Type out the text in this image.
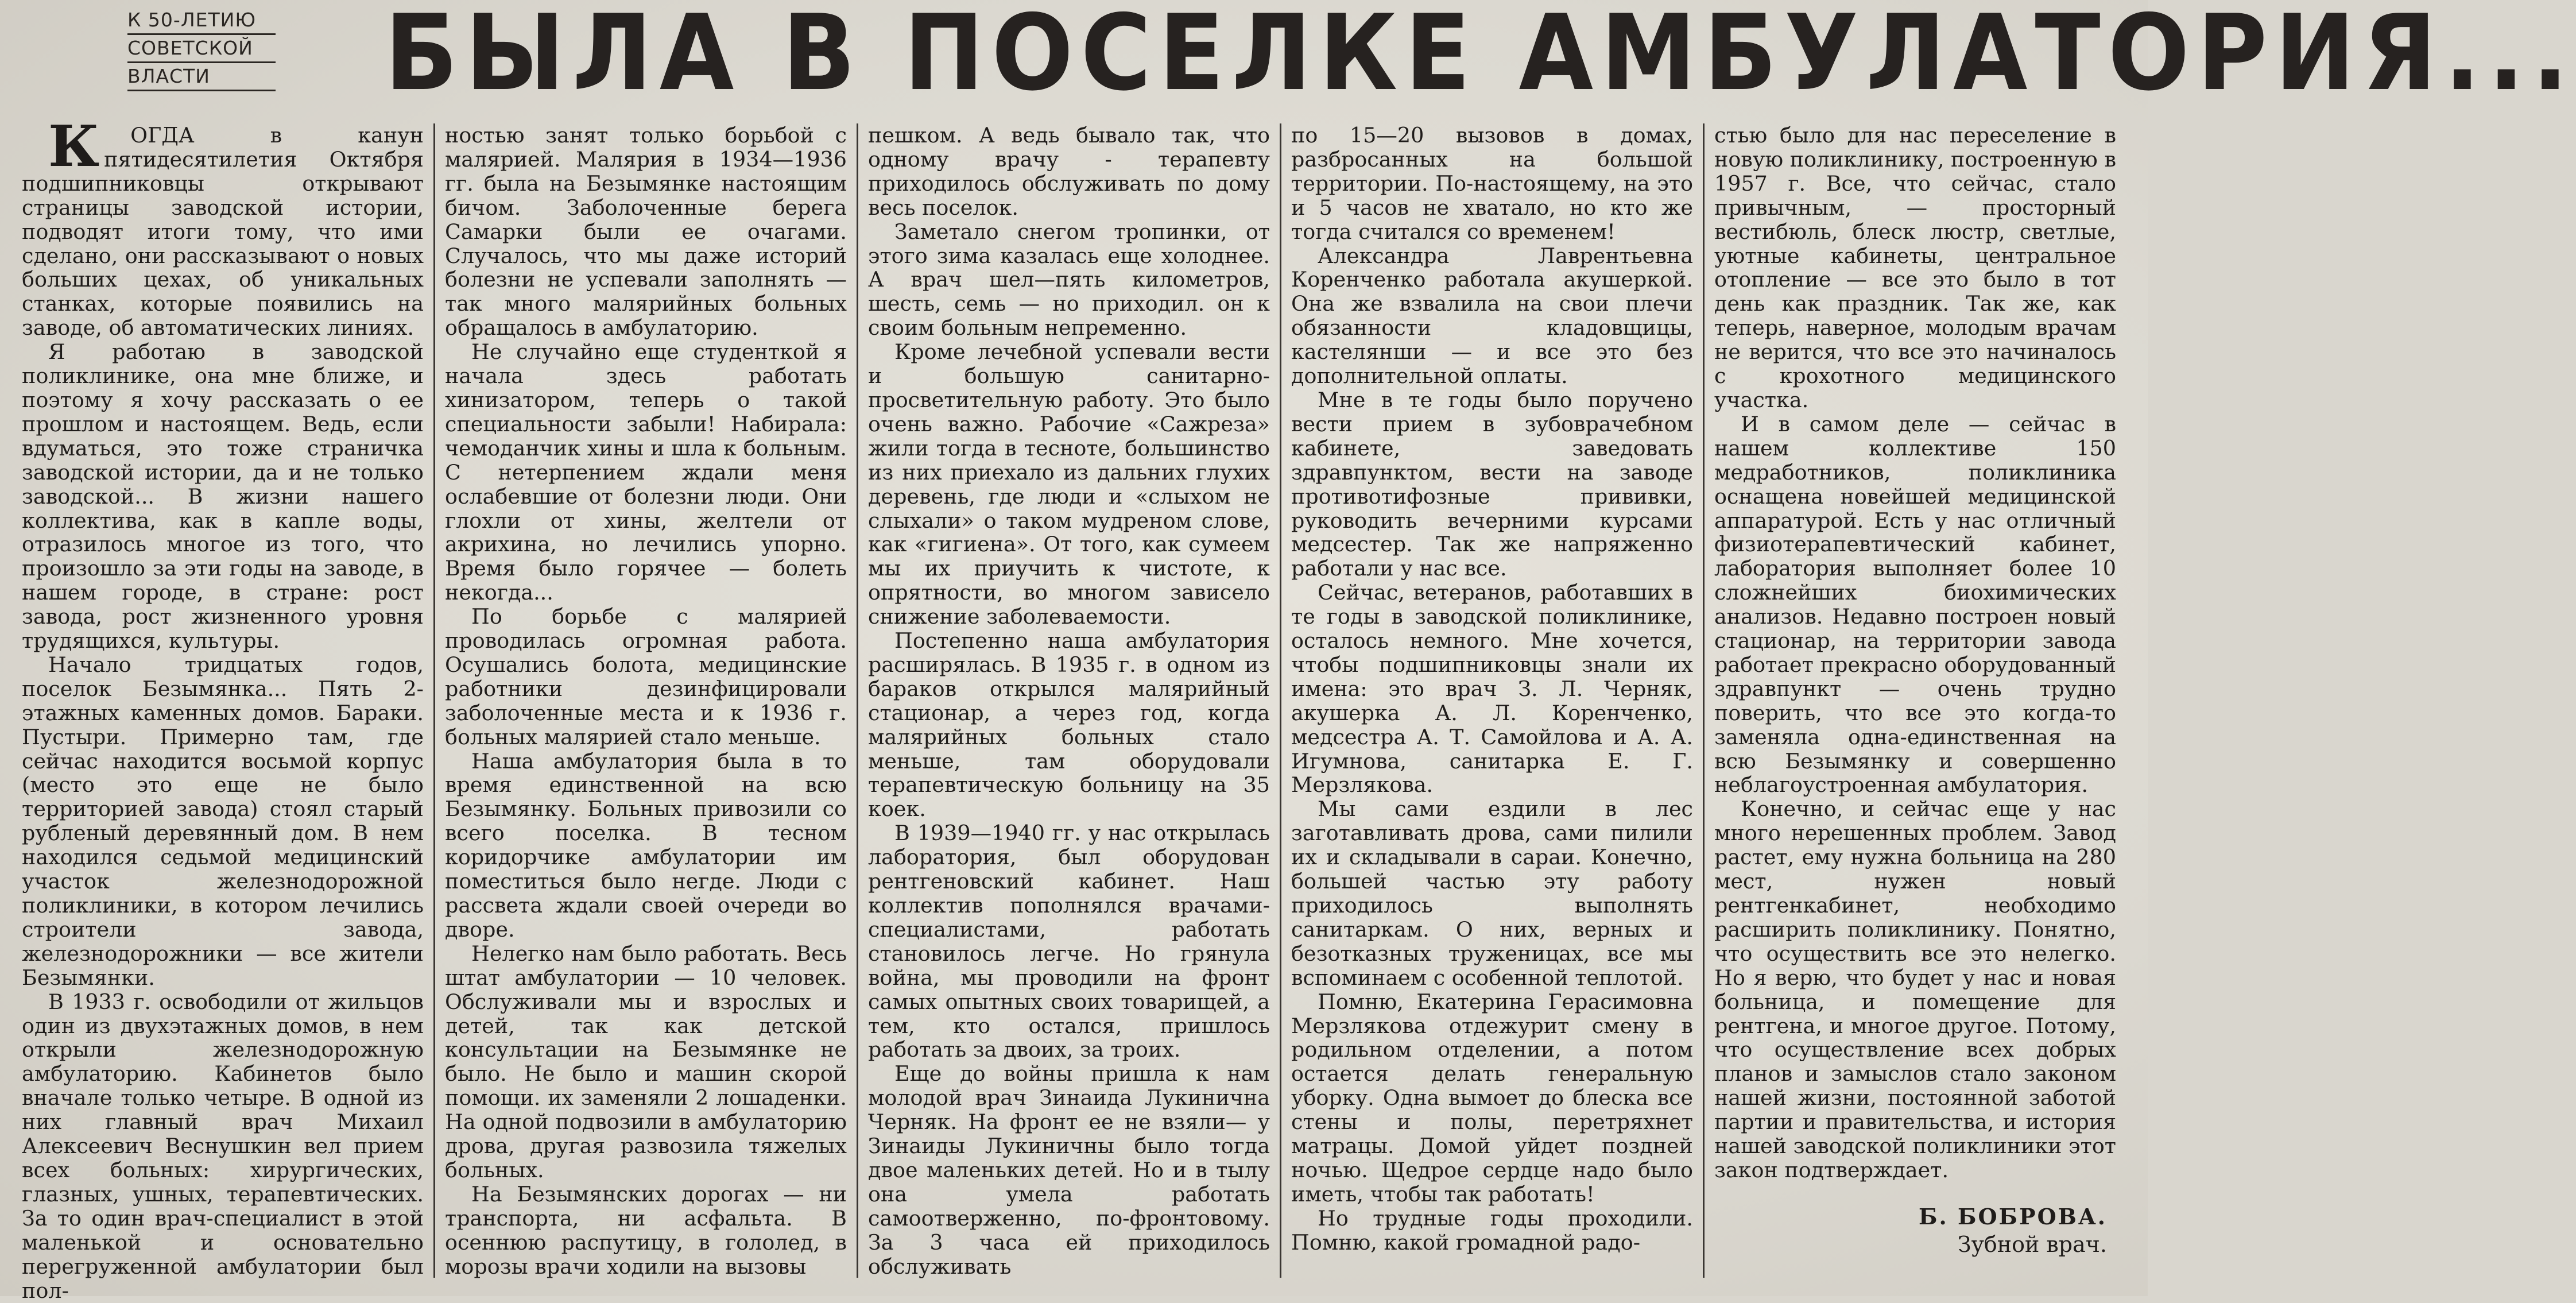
К 50-ЛЕТИЮ
СОВЕТСКОЙ
ВЛАСТИ	БЫЛА В ПОСЕЛКЕ АМБУЛАТОРИЯ...

К ОГДА в канун пятидесятилетия Октября подшипниковцы открывают страницы заводской истории, подводят итоги тому, что ими сделано, они рассказывают о новых больших цехах, об уникальных станках, которые появились на заводе, об автоматических линиях.

Я работаю в заводской поликлинике, она мне ближе, и поэтому я хочу рассказать о ее прошлом и настоящем. Ведь, если вдуматься, это тоже страничка заводской истории, да и не только заводской... В жизни нашего коллектива, как в капле воды, отразилось многое из того, что произошло за эти годы на заводе, в нашем городе, в стране: рост завода, рост жизненного уровня трудящихся, культуры.

Начало тридцатых годов, поселок Безымянка... Пять 2-этажных каменных домов. Бараки. Пустыри. Примерно там, где сейчас находится восьмой корпус (место это еще не было территорией завода) стоял старый рубленый деревянный дом. В нем находился седьмой медицинский участок железнодорожной поликлиники, в котором лечились строители завода, железнодорожники — все жители Безымянки.

В 1933 г. освободили от жильцов один из двухэтажных домов, в нем открыли железнодорожную амбулаторию. Кабинетов было вначале только четыре. В одной из них главный врач Михаил Алексеевич Веснушкин вел прием всех больных: хирургических, глазных, ушных, терапевтических. За то один врач-специалист в этой маленькой и основательно перегруженной амбулатории был пол-

ностью занят только борьбой с малярией. Малярия в 1934—1936 гг. была на Безымянке настоящим бичом. Заболоченные берега Самарки были ее очагами. Случалось, что мы даже историй болезни не успевали заполнять — так много малярийных больных обращалось в амбулаторию.

Не случайно еще студенткой я начала здесь работать хинизатором, теперь о такой специальности забыли! Набирала: чемоданчик хины и шла к больным. С нетерпением ждали меня ослабевшие от болезни люди. Они глохли от хины, желтели от акрихина, но лечились упорно. Время было горячее — болеть некогда...

По борьбе с малярией проводилась огромная работа. Осушались болота, медицинские работники дезинфицировали заболоченные места и к 1936 г. больных малярией стало меньше.

Наша амбулатория была в то время единственной на всю Безымянку. Больных привозили со всего поселка. В тесном коридорчике амбулатории им поместиться было негде. Люди с рассвета ждали своей очереди во дворе.

Нелегко нам было работать. Весь штат амбулатории — 10 человек. Обслуживали мы и взрослых и детей, так как детской консультации на Безымянке не было. Не было и машин скорой помощи. их заменяли 2 лошаденки. На одной подвозили в амбулаторию дрова, другая развозила тяжелых больных.

На Безымянских дорогах — ни транспорта, ни асфальта. В осеннюю распутицу, в гололед, в морозы врачи ходили на вызовы

пешком. А ведь бывало так, что одному врачу - терапевту приходилось обслуживать по дому весь поселок.

Заметало снегом тропинки, от этого зима казалась еще холоднее. А врач шел—пять километров, шесть, семь — но приходил. он к своим больным непременно.

Кроме лечебной успевали вести и большую санитарно-просветительную работу. Это было очень важно. Рабочие «Сажреза» жили тогда в тесноте, большинство из них приехало из дальних глухих деревень, где люди и «слыхом не слыхали» о таком мудреном слове, как «гигиена». От того, как сумеем мы их приучить к чистоте, к опрятности, во многом зависело снижение заболеваемости.

Постепенно наша амбулатория расширялась. В 1935 г. в одном из бараков открылся малярийный стационар, а через год, когда малярийных больных стало меньше, там оборудовали терапевтическую больницу на 35 коек.

В 1939—1940 гг. у нас открылась лаборатория, был оборудован рентгеновский кабинет. Наш коллектив пополнялся врачами-специалистами, работать становилось легче. Но грянула война, мы проводили на фронт самых опытных своих товарищей, а тем, кто остался, пришлось работать за двоих, за троих.

Еще до войны пришла к нам молодой врач Зинаида Лукинична Черняк. На фронт ее не взяли— у Зинаиды Лукиничны было тогда двое маленьких детей. Но и в тылу она умела работать самоотверженно, по-фронтовому. За 3 часа ей приходилось обслуживать

по 15—20 вызовов в домах, разбросанных на большой территории. По-настоящему, на это и 5 часов не хватало, но кто же тогда считался со временем!

Александра Лаврентьевна Коренченко работала акушеркой. Она же взвалила на свои плечи обязанности кладовщицы, кастелянши — и все это без дополнительной оплаты.

Мне в те годы было поручено вести прием в зубоврачебном кабинете, заведовать здравпунктом, вести на заводе противотифозные прививки, руководить вечерними курсами медсестер. Так же напряженно работали у нас все.

Сейчас, ветеранов, работавших в те годы в заводской поликлинике, осталось немного. Мне хочется, чтобы подшипниковцы знали их имена: это врач З. Л. Черняк, акушерка А. Л. Коренченко, медсестра А. Т. Самойлова и А. А. Игумнова, санитарка Е. Г. Мерзлякова.

Мы сами ездили в лес заготавливать дрова, сами пилили их и складывали в сараи. Конечно, большей частью эту работу приходилось выполнять санитаркам. О них, верных и безотказных труженицах, все мы вспоминаем с особенной теплотой.

Помню, Екатерина Герасимовна Мерзлякова отдежурит смену в родильном отделении, а потом остается делать генеральную уборку. Одна вымоет до блеска все стены и полы, перетряхнет матрацы. Домой уйдет поздней ночью. Щедрое сердце надо было иметь, чтобы так работать!

Но трудные годы проходили. Помню, какой громадной радо-

стью было для нас переселение в новую поликлинику, построенную в 1957 г. Все, что сейчас, стало привычным, — просторный вестибюль, блеск люстр, светлые, уютные кабинеты, центральное отопление — все это было в тот день как праздник. Так же, как теперь, наверное, молодым врачам не верится, что все это начиналось с крохотного медицинского участка.

И в самом деле — сейчас в нашем коллективе 150 медработников, поликлиника оснащена новейшей медицинской аппаратурой. Есть у нас отличный физиотерапевтический кабинет, лаборатория выполняет более 10 сложнейших биохимических анализов. Недавно построен новый стационар, на территории завода работает прекрасно оборудованный здравпункт — очень трудно поверить, что все это когда-то заменяла одна-единственная на всю Безымянку и совершенно неблагоустроенная амбулатория.

Конечно, и сейчас еще у нас много нерешенных проблем. Завод растет, ему нужна больница на 280 мест, нужен новый рентгенкабинет, необходимо расширить поликлинику. Понятно, что осуществить все это нелегко. Но я верю, что будет у нас и новая больница, и помещение для рентгена, и многое другое. Потому, что осуществление всех добрых планов и замыслов стало законом нашей жизни, постоянной заботой партии и правительства, и история нашей заводской поликлиники этот закон подтверждает.

Б. БОБРОВА.
Зубной врач.
